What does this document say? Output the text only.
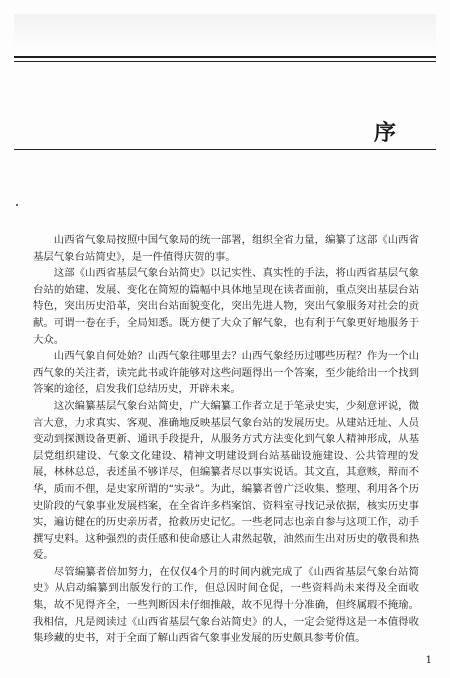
序

山西省气象局按照中国气象局的统一部署，组织全省力量，编纂了这部《山西省基层气象台站简史》，是一件值得庆贺的事。

这部《山西省基层气象台站简史》以记实性、真实性的手法，将山西省基层气象台站的始建、发展、变化在简短的篇幅中具体地呈现在读者面前，重点突出基层台站特色，突出历史沿革，突出台站面貌变化，突出先进人物，突出气象服务对社会的贡献。可谓一卷在手，全局知悉。既方便了大众了解气象，也有利于气象更好地服务于大众。

山西气象自何处始？山西气象往哪里去？山西气象经历过哪些历程？作为一个山西气象的关注者，读完此书或许能够对这些问题得出一个答案，至少能给出一个找到答案的途径，启发我们总结历史，开辟未来。

这次编纂基层气象台站简史，广大编纂工作者立足于笔录史实，少刻意评说，微言大意，力求真实、客观、准确地反映基层气象台站的发展历史。从建站迁址、人员变动到探测设备更新、通讯手段提升，从服务方式方法变化到气象人精神形成，从基层党组织建设、气象文化建设、精神文明建设到台站基础设施建设、公共管理的发展，林林总总，表述虽不够详尽，但编纂者尽以事实说话。其文直，其意赅，辩而不华，质而不俚，是史家所谓的“实录”。为此，编纂者曾广泛收集、整理、利用各个历史阶段的气象事业发展档案，在全省许多档案馆、资料室寻找记录依据，核实历史事实，遍访健在的历史亲历者，抢救历史记忆。一些老同志也亲自参与这项工作，动手撰写史料。这种强烈的责任感和使命感让人肃然起敬，油然而生出对历史的敬畏和热爱。

尽管编纂者倍加努力，在仅仅4个月的时间内就完成了《山西省基层气象台站简史》从启动编纂到出版发行的工作，但总因时间仓促，一些资料尚未来得及全面收集，故不见得齐全，一些判断因未仔细推敲，故不见得十分准确，但终属瑕不掩瑜。我相信，凡是阅读过《山西省基层气象台站简史》的人，一定会觉得这是一本值得收集珍藏的史书，对于全面了解山西省气象事业发展的历史颇具参考价值。

1
